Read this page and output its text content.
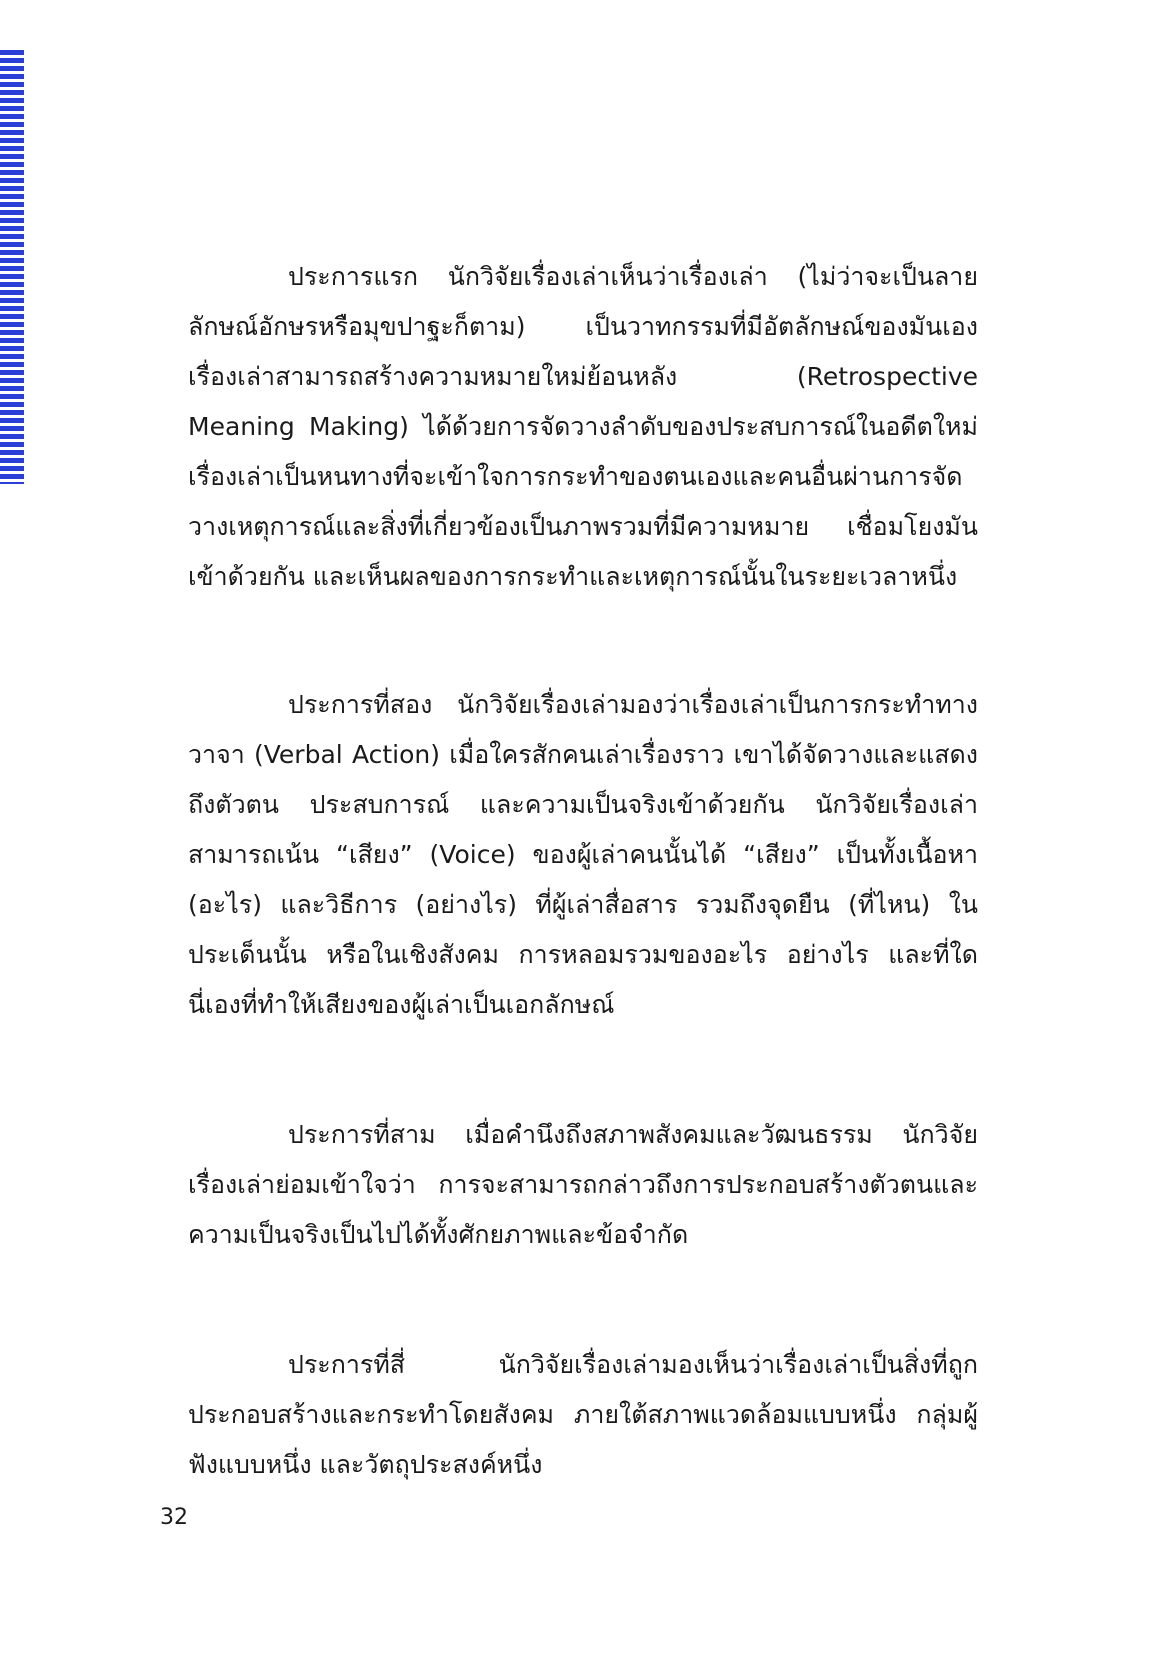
ประการแรก นักวิจัยเรื่องเล่าเห็นว่าเรื่องเล่า (ไม่ว่าจะเป็นลายลักษณ์อักษรหรือมุขปาฐะก็ตาม) เป็นวาทกรรมที่มีอัตลักษณ์ของมันเอง เรื่องเล่าสามารถสร้างความหมายใหม่ย้อนหลัง (Retrospective Meaning Making) ได้ด้วยการจัดวางลำดับของประสบการณ์ในอดีตใหม่ เรื่องเล่าเป็นหนทางที่จะเข้าใจการกระทำของตนเองและคนอื่นผ่านการจัดวางเหตุการณ์และสิ่งที่เกี่ยวข้องเป็นภาพรวมที่มีความหมาย เชื่อมโยงมันเข้าด้วยกัน และเห็นผลของการกระทำและเหตุการณ์นั้นในระยะเวลาหนึ่ง

ประการที่สอง นักวิจัยเรื่องเล่ามองว่าเรื่องเล่าเป็นการกระทำทางวาจา (Verbal Action) เมื่อใครสักคนเล่าเรื่องราว เขาได้จัดวางและแสดงถึงตัวตน ประสบการณ์ และความเป็นจริงเข้าด้วยกัน นักวิจัยเรื่องเล่าสามารถเน้น “เสียง” (Voice) ของผู้เล่าคนนั้นได้ “เสียง” เป็นทั้งเนื้อหา (อะไร) และวิธีการ (อย่างไร) ที่ผู้เล่าสื่อสาร รวมถึงจุดยืน (ที่ไหน) ในประเด็นนั้น หรือในเชิงสังคม การหลอมรวมของอะไร อย่างไร และที่ใดนี่เองที่ทำให้เสียงของผู้เล่าเป็นเอกลักษณ์

ประการที่สาม เมื่อคำนึงถึงสภาพสังคมและวัฒนธรรม นักวิจัยเรื่องเล่าย่อมเข้าใจว่า การจะสามารถกล่าวถึงการประกอบสร้างตัวตนและความเป็นจริงเป็นไปได้ทั้งศักยภาพและข้อจำกัด

ประการที่สี่ นักวิจัยเรื่องเล่ามองเห็นว่าเรื่องเล่าเป็นสิ่งที่ถูกประกอบสร้างและกระทำโดยสังคม ภายใต้สภาพแวดล้อมแบบหนึ่ง กลุ่มผู้ฟังแบบหนึ่ง และวัตถุประสงค์หนึ่ง

32
